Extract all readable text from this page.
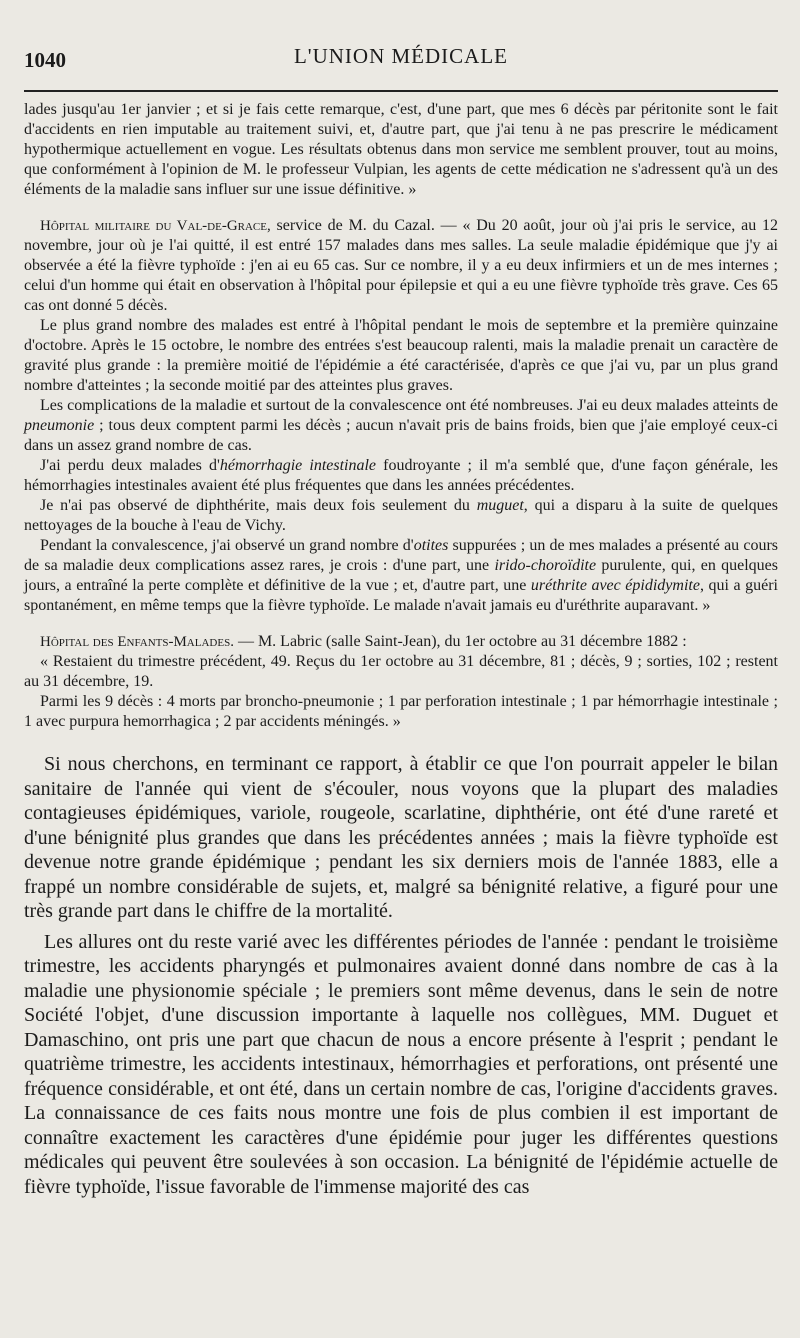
1040	L'UNION MÉDICALE

lades jusqu'au 1er janvier ; et si je fais cette remarque, c'est, d'une part, que mes 6 décès par péritonite sont le fait d'accidents en rien imputable au traitement suivi, et, d'autre part, que j'ai tenu à ne pas prescrire le médicament hypothermique actuellement en vogue. Les résultats obtenus dans mon service me semblent prouver, tout au moins, que conformément à l'opinion de M. le professeur Vulpian, les agents de cette médication ne s'adressent qu'à un des éléments de la maladie sans influer sur une issue définitive. »

Hôpital militaire du Val-de-Grace, service de M. du Cazal. — « Du 20 août, jour où j'ai pris le service, au 12 novembre, jour où je l'ai quitté, il est entré 157 malades dans mes salles. La seule maladie épidémique que j'y ai observée a été la fièvre typhoïde : j'en ai eu 65 cas. Sur ce nombre, il y a eu deux infirmiers et un de mes internes ; celui d'un homme qui était en observation à l'hôpital pour épilepsie et qui a eu une fièvre typhoïde très grave. Ces 65 cas ont donné 5 décès.

Le plus grand nombre des malades est entré à l'hôpital pendant le mois de septembre et la première quinzaine d'octobre. Après le 15 octobre, le nombre des entrées s'est beaucoup ralenti, mais la maladie prenait un caractère de gravité plus grande : la première moitié de l'épidémie a été caractérisée, d'après ce que j'ai vu, par un plus grand nombre d'atteintes ; la seconde moitié par des atteintes plus graves.

Les complications de la maladie et surtout de la convalescence ont été nombreuses. J'ai eu deux malades atteints de pneumonie ; tous deux comptent parmi les décès ; aucun n'avait pris de bains froids, bien que j'aie employé ceux-ci dans un assez grand nombre de cas.

J'ai perdu deux malades d'hémorrhagie intestinale foudroyante ; il m'a semblé que, d'une façon générale, les hémorrhagies intestinales avaient été plus fréquentes que dans les années précédentes.

Je n'ai pas observé de diphthérite, mais deux fois seulement du muguet, qui a disparu à la suite de quelques nettoyages de la bouche à l'eau de Vichy.

Pendant la convalescence, j'ai observé un grand nombre d'otites suppurées ; un de mes malades a présenté au cours de sa maladie deux complications assez rares, je crois : d'une part, une irido-choroïdite purulente, qui, en quelques jours, a entraîné la perte complète et définitive de la vue ; et, d'autre part, une uréthrite avec épididymite, qui a guéri spontanément, en même temps que la fièvre typhoïde. Le malade n'avait jamais eu d'uréthrite auparavant. »

Hôpital des Enfants-Malades. — M. Labric (salle Saint-Jean), du 1er octobre au 31 décembre 1882 :

« Restaient du trimestre précédent, 49. Reçus du 1er octobre au 31 décembre, 81 ; décès, 9 ; sorties, 102 ; restent au 31 décembre, 19.

Parmi les 9 décès : 4 morts par broncho-pneumonie ; 1 par perforation intestinale ; 1 par hémorrhagie intestinale ; 1 avec purpura hemorrhagica ; 2 par accidents méningés. »

Si nous cherchons, en terminant ce rapport, à établir ce que l'on pourrait appeler le bilan sanitaire de l'année qui vient de s'écouler, nous voyons que la plupart des maladies contagieuses épidémiques, variole, rougeole, scarlatine, diphthérie, ont été d'une rareté et d'une bénignité plus grandes que dans les précédentes années ; mais la fièvre typhoïde est devenue notre grande épidémique ; pendant les six derniers mois de l'année 1883, elle a frappé un nombre considérable de sujets, et, malgré sa bénignité relative, a figuré pour une très grande part dans le chiffre de la mortalité.

Les allures ont du reste varié avec les différentes périodes de l'année : pendant le troisième trimestre, les accidents pharyngés et pulmonaires avaient donné dans nombre de cas à la maladie une physionomie spéciale ; le premiers sont même devenus, dans le sein de notre Société l'objet, d'une discussion importante à laquelle nos collègues, MM. Duguet et Damaschino, ont pris une part que chacun de nous a encore présente à l'esprit ; pendant le quatrième trimestre, les accidents intestinaux, hémorrhagies et perforations, ont présenté une fréquence considérable, et ont été, dans un certain nombre de cas, l'origine d'accidents graves. La connaissance de ces faits nous montre une fois de plus combien il est important de connaître exactement les caractères d'une épidémie pour juger les différentes questions médicales qui peuvent être soulevées à son occasion. La bénignité de l'épidémie actuelle de fièvre typhoïde, l'issue favorable de l'immense majorité des cas
